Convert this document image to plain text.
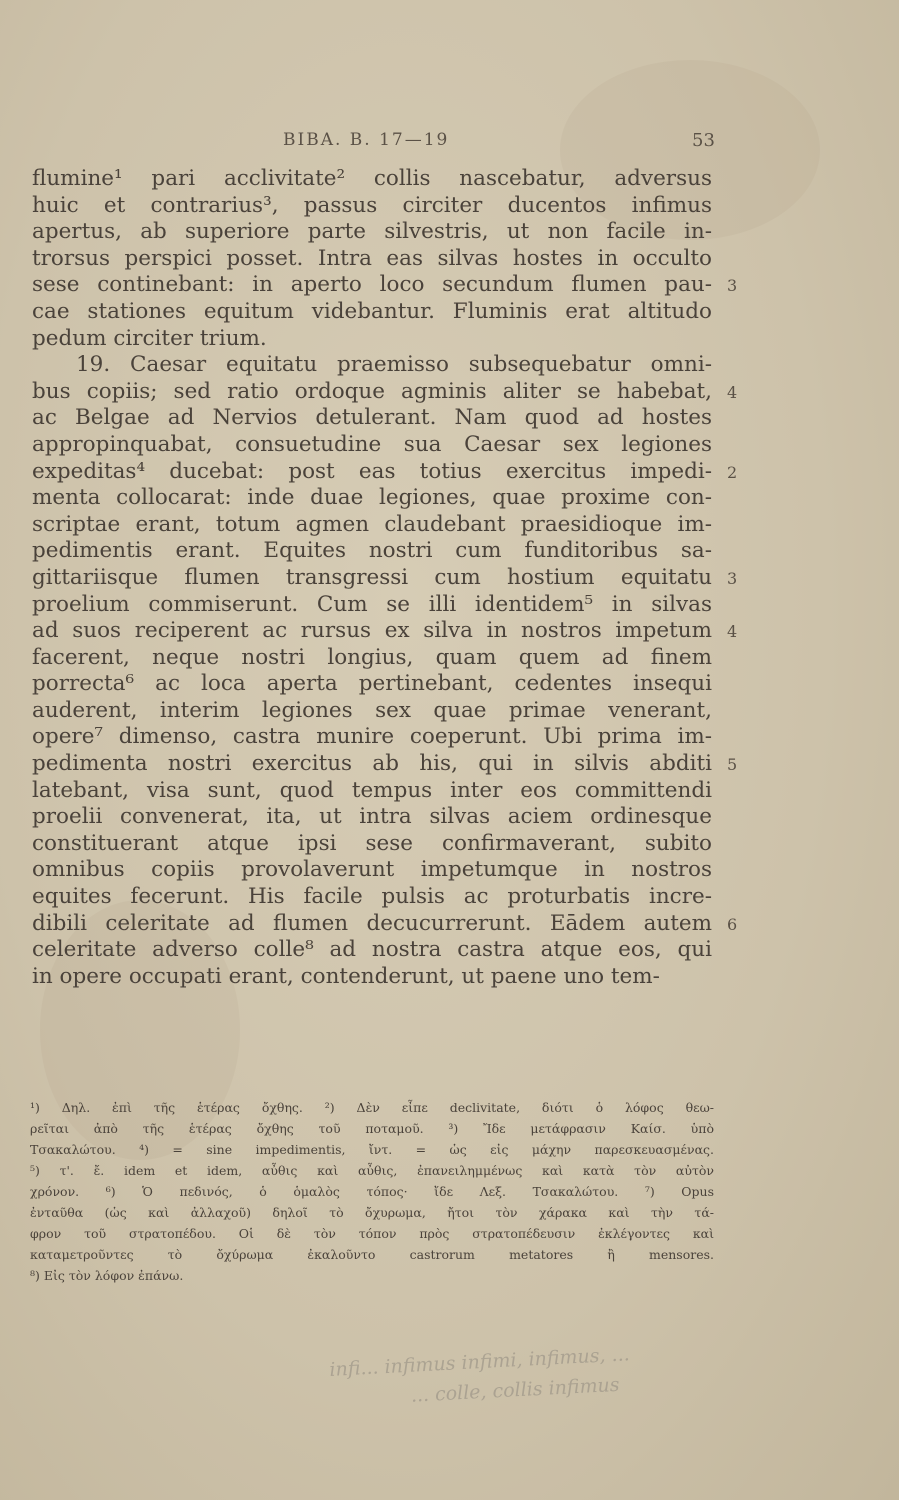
BIBA. B. 17—19	53
flumine¹ pari acclivitate² collis nascebatur, adversus
huic et contrarius³, passus circiter ducentos infimus
apertus, ab superiore parte silvestris, ut non facile in-
trorsus perspici posset. Intra eas silvas hostes in occulto
sese continebant: in aperto loco secundum flumen pau-
cae stationes equitum videbantur. Fluminis erat altitudo
pedum circiter trium.
19. Caesar equitatu praemisso subsequebatur omni-
bus copiis; sed ratio ordoque agminis aliter se habebat,
ac Belgae ad Nervios detulerant. Nam quod ad hostes
appropinquabat, consuetudine sua Caesar sex legiones
expeditas⁴ ducebat: post eas totius exercitus impedi-
menta collocarat: inde duae legiones, quae proxime con-
scriptae erant, totum agmen claudebant praesidioque im-
pedimentis erant. Equites nostri cum funditoribus sa-
gittariisque flumen transgressi cum hostium equitatu
proelium commiserunt. Cum se illi identidem⁵ in silvas
ad suos reciperent ac rursus ex silva in nostros impetum
facerent, neque nostri longius, quam quem ad finem
porrecta⁶ ac loca aperta pertinebant, cedentes insequi
auderent, interim legiones sex quae primae venerant,
opere⁷ dimenso, castra munire coeperunt. Ubi prima im-
pedimenta nostri exercitus ab his, qui in silvis abditi
latebant, visa sunt, quod tempus inter eos committendi
proelii convenerat, ita, ut intra silvas aciem ordinesque
constituerant atque ipsi sese confirmaverant, subito
omnibus copiis provolaverunt impetumque in nostros
equites fecerunt. His facile pulsis ac proturbatis incre-
dibili celeritate ad flumen decucurrerunt. Eādem autem
celeritate adverso colle⁸ ad nostra castra atque eos, qui
in opere occupati erant, contenderunt, ut paene uno tem-
3
4
2
3
4
5
6
¹) Δηλ. ἐπὶ τῆς ἑτέρας ὄχθης. ²) Δὲν εἶπε declivitate, διότι ὁ λόφος θεω-
ρεῖται ἀπὸ τῆς ἑτέρας ὄχθης τοῦ ποταμοῦ. ³) Ἴδε μετάφρασιν Καίσ. ὑπὸ
Τσακαλώτου. ⁴) = sine impedimentis, ἴντ. = ὡς εἰς μάχην παρεσκευασμένας.
⁵) τ'. ἔ. idem et idem, αὖθις καὶ αὖθις, ἐπανειλημμένως καὶ κατὰ τὸν αὐτὸν
χρόνον. ⁶) Ὁ πεδινός, ὁ ὁμαλὸς τόπος· ἴδε Λεξ. Τσακαλώτου. ⁷) Opus
ἐνταῦθα (ὡς καὶ ἀλλαχοῦ) δηλοῖ τὸ ὄχυρωμα, ἤτοι τὸν χάρακα καὶ τὴν τά-
φρον τοῦ στρατοπέδου. Οἱ δὲ τὸν τόπον πρὸς στρατοπέδευσιν ἐκλέγοντες καὶ
καταμετροῦντες τὸ ὄχύρωμα ἐκαλοῦντο castrorum metatores ἢ mensores.
⁸) Εἰς τὸν λόφον ἐπάνω.
infi... infimus infimi, infimus, ...
... colle, collis infimus
